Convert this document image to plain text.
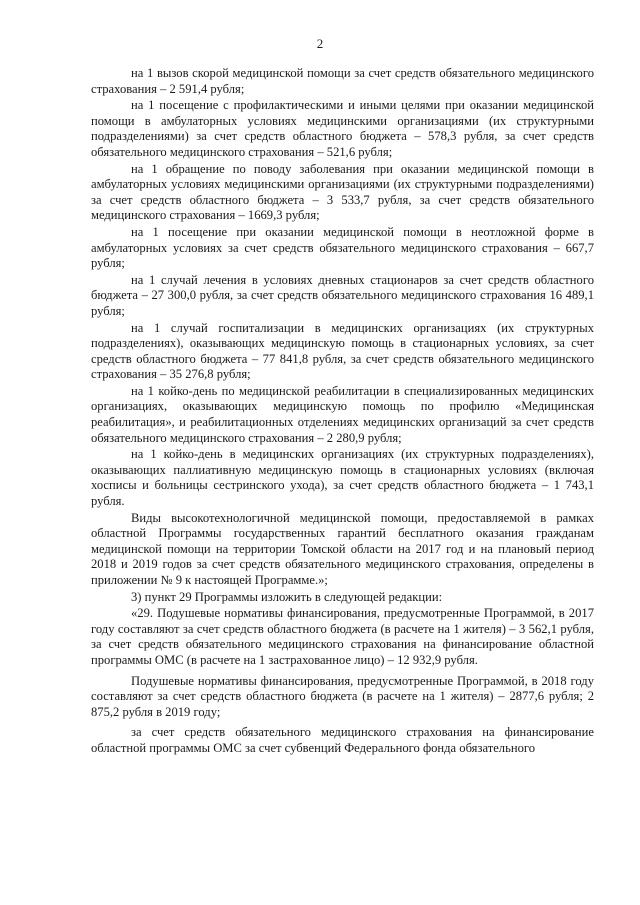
2

на 1 вызов скорой медицинской помощи за счет средств обязательного медицинского страхования – 2 591,4 рубля;

на 1 посещение с профилактическими и иными целями при оказании медицинской помощи в амбулаторных условиях медицинскими организациями (их структурными подразделениями) за счет средств областного бюджета – 578,3 рубля, за счет средств обязательного медицинского страхования – 521,6 рубля;

на 1 обращение по поводу заболевания при оказании медицинской помощи в амбулаторных условиях медицинскими организациями (их структурными подразделениями) за счет средств областного бюджета – 3 533,7 рубля, за счет средств обязательного медицинского страхования – 1669,3 рубля;

на 1 посещение при оказании медицинской помощи в неотложной форме в амбулаторных условиях за счет средств обязательного медицинского страхования – 667,7 рубля;

на 1 случай лечения в условиях дневных стационаров за счет средств областного бюджета – 27 300,0 рубля, за счет средств обязательного медицинского страхования 16 489,1 рубля;

на 1 случай госпитализации в медицинских организациях (их структурных подразделениях), оказывающих медицинскую помощь в стационарных условиях, за счет средств областного бюджета – 77 841,8 рубля, за счет средств обязательного медицинского страхования – 35 276,8 рубля;

на 1 койко-день по медицинской реабилитации в специализированных медицинских организациях, оказывающих медицинскую помощь по профилю «Медицинская реабилитация», и реабилитационных отделениях медицинских организаций за счет средств обязательного медицинского страхования – 2 280,9 рубля;

на 1 койко-день в медицинских организациях (их структурных подразделениях), оказывающих паллиативную медицинскую помощь в стационарных условиях (включая хосписы и больницы сестринского ухода), за счет средств областного бюджета – 1 743,1 рубля.

Виды высокотехнологичной медицинской помощи, предоставляемой в рамках областной Программы государственных гарантий бесплатного оказания гражданам медицинской помощи на территории Томской области на 2017 год и на плановый период 2018 и 2019 годов за счет средств обязательного медицинского страхования, определены в приложении № 9 к настоящей Программе.»;

3) пункт 29 Программы изложить в следующей редакции:

«29. Подушевые нормативы финансирования, предусмотренные Программой, в 2017 году составляют за счет средств областного бюджета (в расчете на 1 жителя) – 3 562,1 рубля, за счет средств обязательного медицинского страхования на финансирование областной программы ОМС (в расчете на 1 застрахованное лицо) – 12 932,9 рубля.

Подушевые нормативы финансирования, предусмотренные Программой, в 2018 году составляют за счет средств областного бюджета (в расчете на 1 жителя) – 2877,6 рубля; 2 875,2 рубля в 2019 году;

за счет средств обязательного медицинского страхования на финансирование областной программы ОМС за счет субвенций Федерального фонда обязательного
